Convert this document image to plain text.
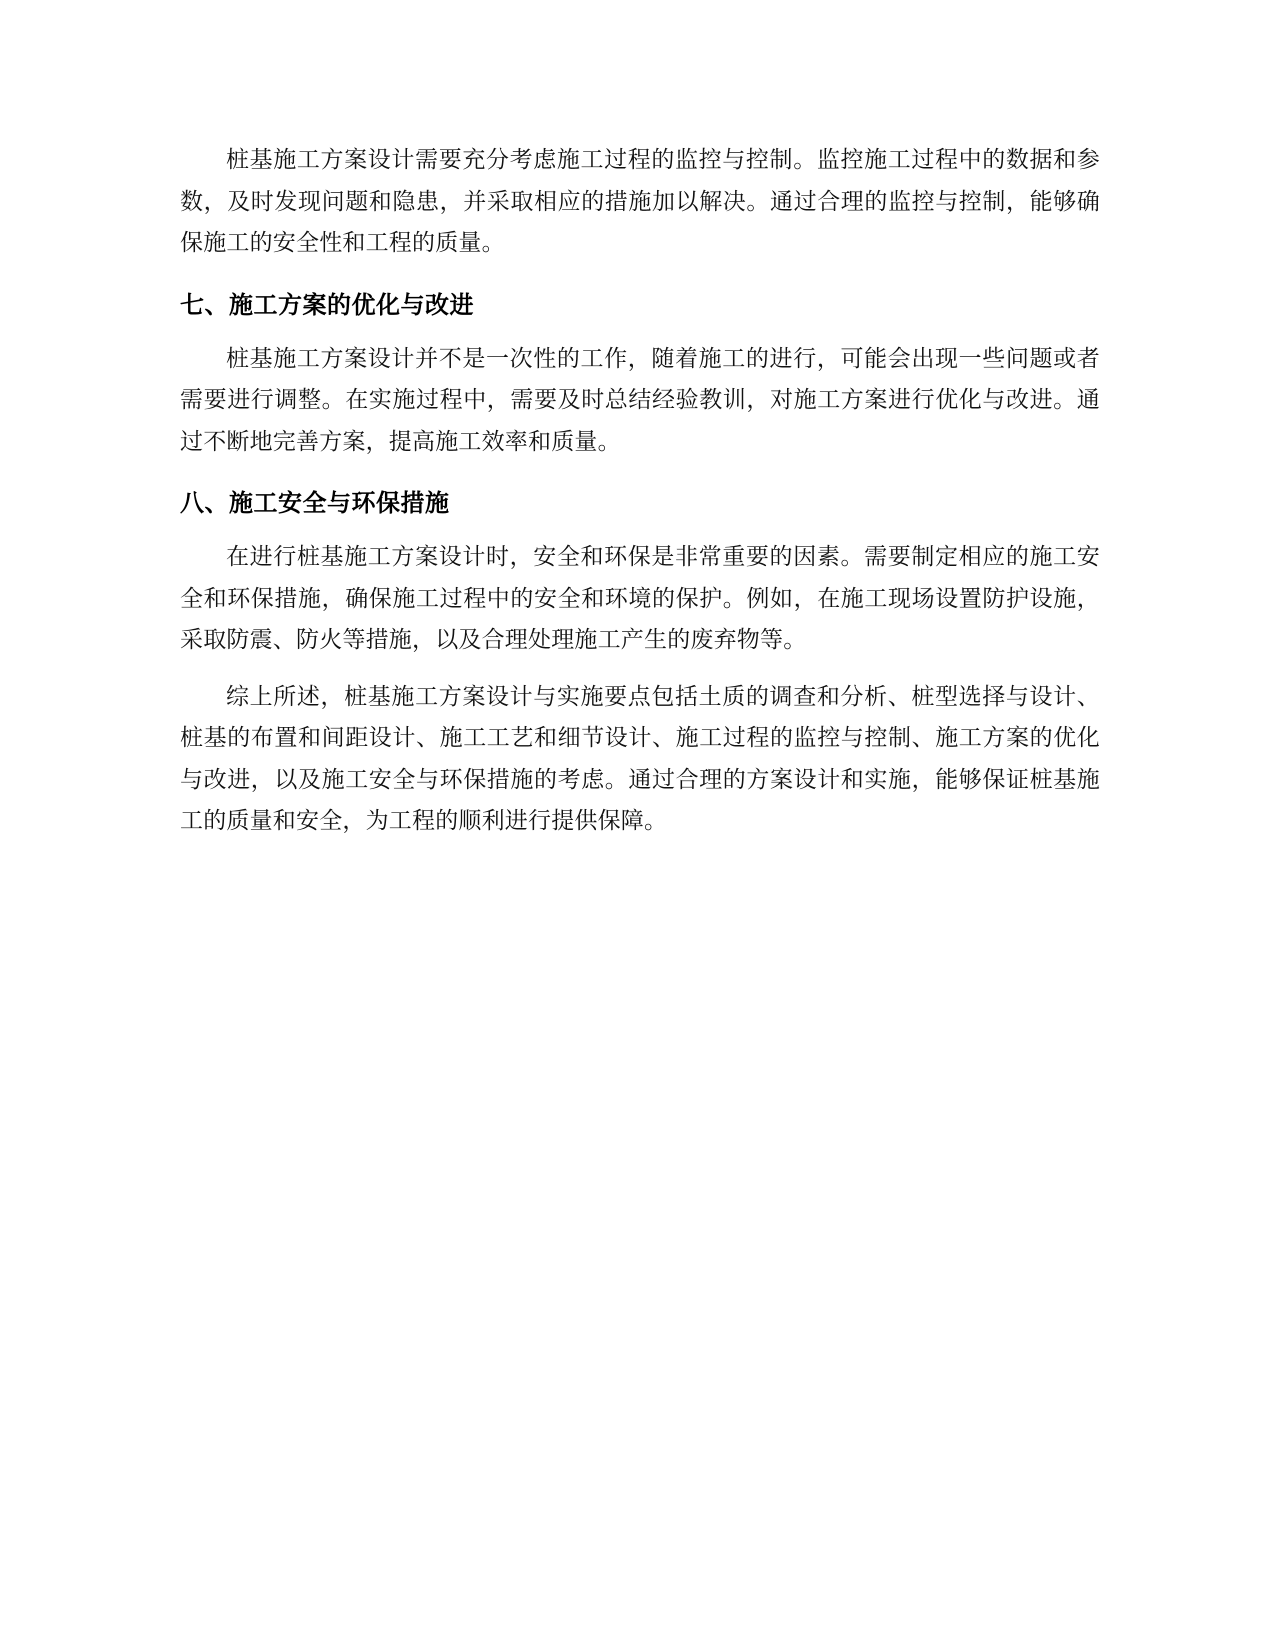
桩基施工方案设计需要充分考虑施工过程的监控与控制。监控施工过程中的数据和参数，及时发现问题和隐患，并采取相应的措施加以解决。通过合理的监控与控制，能够确保施工的安全性和工程的质量。

七、施工方案的优化与改进

桩基施工方案设计并不是一次性的工作，随着施工的进行，可能会出现一些问题或者需要进行调整。在实施过程中，需要及时总结经验教训，对施工方案进行优化与改进。通过不断地完善方案，提高施工效率和质量。

八、施工安全与环保措施

在进行桩基施工方案设计时，安全和环保是非常重要的因素。需要制定相应的施工安全和环保措施，确保施工过程中的安全和环境的保护。例如，在施工现场设置防护设施，采取防震、防火等措施，以及合理处理施工产生的废弃物等。

综上所述，桩基施工方案设计与实施要点包括土质的调查和分析、桩型选择与设计、桩基的布置和间距设计、施工工艺和细节设计、施工过程的监控与控制、施工方案的优化与改进，以及施工安全与环保措施的考虑。通过合理的方案设计和实施，能够保证桩基施工的质量和安全，为工程的顺利进行提供保障。
